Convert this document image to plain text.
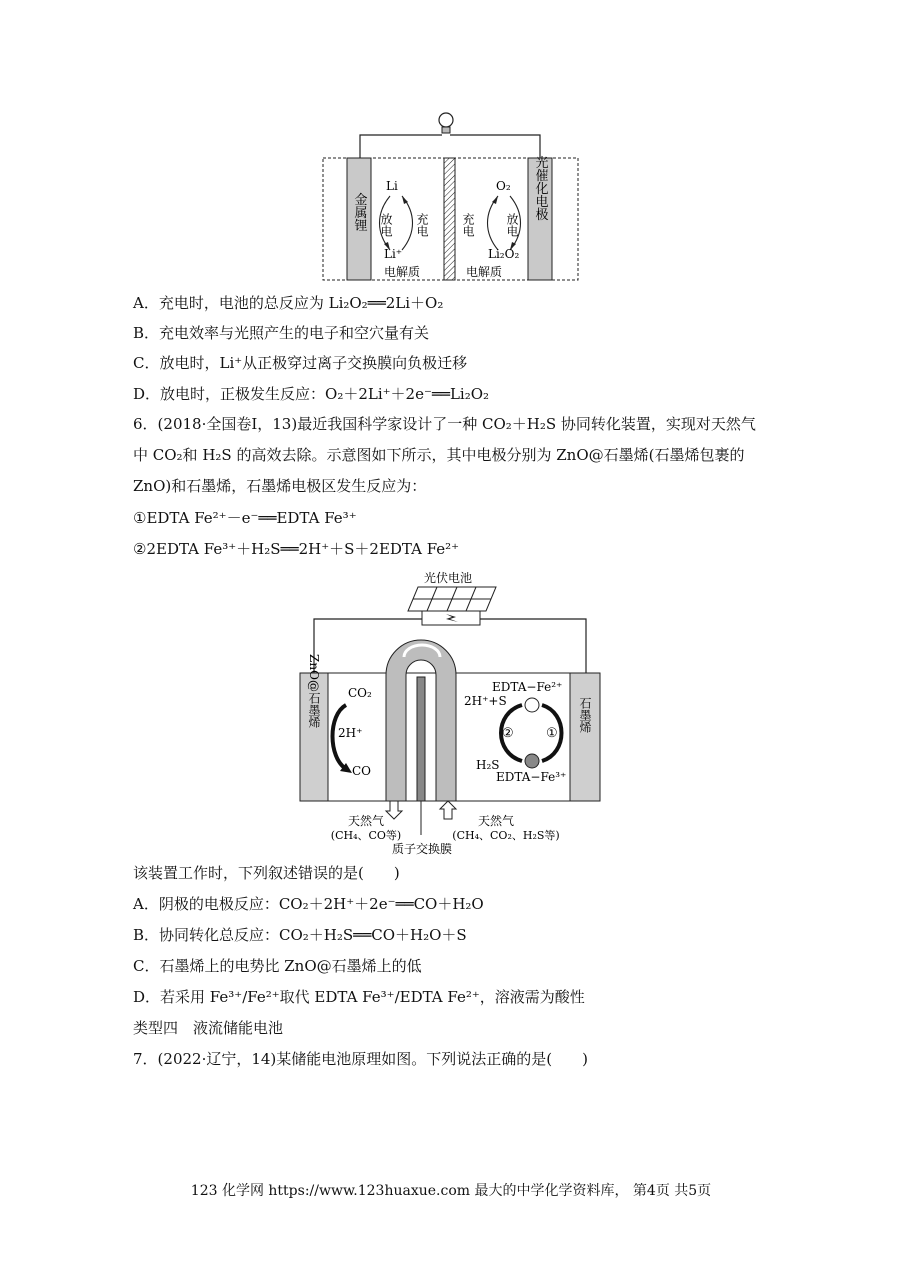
金属锂	光催化电极
Li
Li⁺
放电 充电
O₂
Li₂O₂
充电	放电
电解质	电解质
A．充电时，电池的总反应为 Li₂O₂══2Li＋O₂
B．充电效率与光照产生的电子和空穴量有关
C．放电时，Li⁺从正极穿过离子交换膜向负极迁移
D．放电时，正极发生反应：O₂＋2Li⁺＋2e⁻══Li₂O₂
6．(2018·全国卷Ⅰ，13)最近我国科学家设计了一种 CO₂＋H₂S 协同转化装置，实现对天然气
中 CO₂和 H₂S 的高效去除。示意图如下所示，其中电极分别为 ZnO@石墨烯(石墨烯包裹的
ZnO)和石墨烯，石墨烯电极区发生反应为：
①EDTA Fe²⁺－e⁻══EDTA Fe³⁺
②2EDTA Fe³⁺＋H₂S══2H⁺＋S＋2EDTA Fe²⁺
光伏电池
ZnO@石墨烯	石墨烯
CO₂
2H⁺
CO
EDTA−Fe²⁺
2H⁺+S
② ①
H₂S
EDTA−Fe³⁺
天然气
(CH₄、CO等)
天然气
(CH₄、CO₂、H₂S等)
质子交换膜
该装置工作时，下列叙述错误的是(　　)
A．阴极的电极反应：CO₂＋2H⁺＋2e⁻══CO＋H₂O
B．协同转化总反应：CO₂＋H₂S══CO＋H₂O＋S
C．石墨烯上的电势比 ZnO@石墨烯上的低
D．若采用 Fe³⁺/Fe²⁺取代 EDTA Fe³⁺/EDTA Fe²⁺，溶液需为酸性
类型四　液流储能电池
7．(2022·辽宁，14)某储能电池原理如图。下列说法正确的是(　　)
123 化学网 https://www.123huaxue.com 最大的中学化学资料库， 第4页 共5页
